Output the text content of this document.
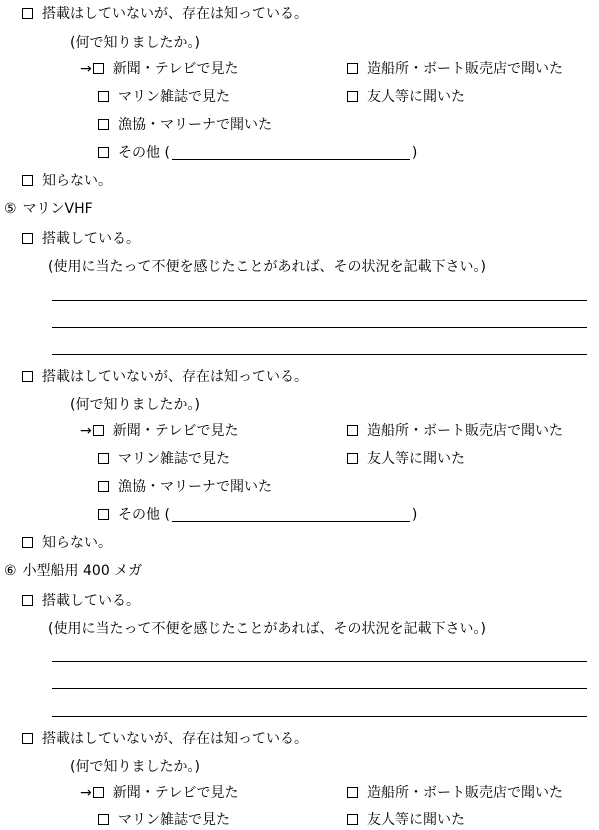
搭載はしていないが、存在は知っている。
(何で知りましたか。)
→ 新聞・テレビで見た	造船所・ボート販売店で聞いた
マリン雑誌で見た	友人等に聞いた
漁協・マリーナで聞いた
その他 (	)
知らない。
⑤ マリンVHF
搭載している。
(使用に当たって不便を感じたことがあれば、その状況を記載下さい。)
搭載はしていないが、存在は知っている。
(何で知りましたか。)
→ 新聞・テレビで見た	造船所・ボート販売店で聞いた
マリン雑誌で見た	友人等に聞いた
漁協・マリーナで聞いた
その他 (	)
知らない。
⑥ 小型船用 400 メガ
搭載している。
(使用に当たって不便を感じたことがあれば、その状況を記載下さい。)
搭載はしていないが、存在は知っている。
(何で知りましたか。)
→ 新聞・テレビで見た	造船所・ボート販売店で聞いた
マリン雑誌で見た	友人等に聞いた
